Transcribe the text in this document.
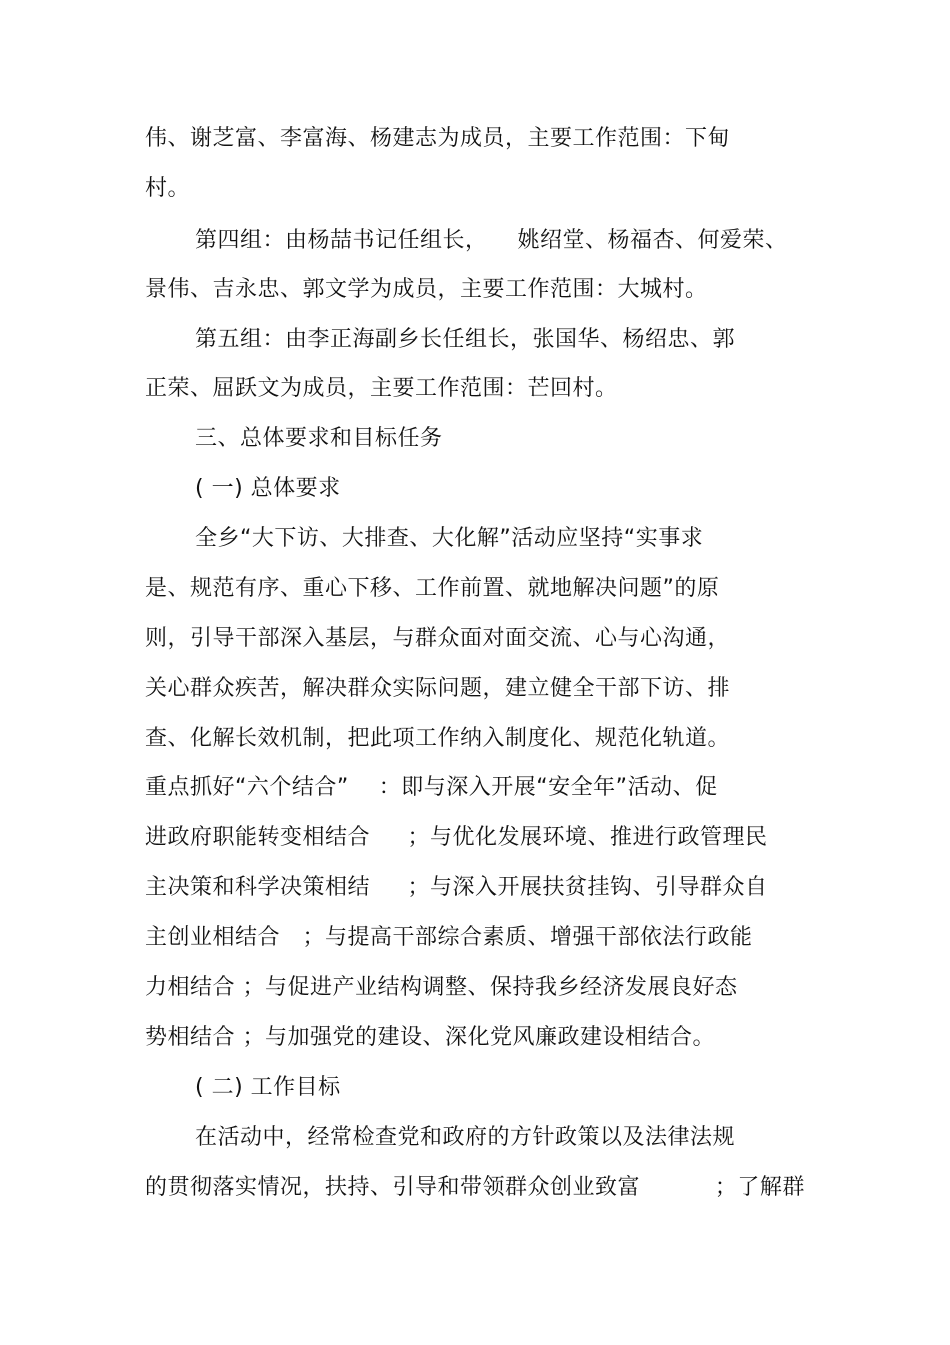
伟、谢芝富、李富海、杨建志为成员，主要工作范围：下甸
村。
第四组：由杨喆书记任组长，    姚绍堂、杨福杏、何爱荣、
景伟、吉永忠、郭文学为成员，主要工作范围：大城村。
第五组：由李正海副乡长任组长，张国华、杨绍忠、郭
正荣、屈跃文为成员，主要工作范围：芒回村。
三、总体要求和目标任务
( 一) 总体要求
全乡“大下访、大排查、大化解”活动应坚持“实事求
是、规范有序、重心下移、工作前置、就地解决问题”的原
则，引导干部深入基层，与群众面对面交流、心与心沟通，
关心群众疾苦，解决群众实际问题，建立健全干部下访、排
查、化解长效机制，把此项工作纳入制度化、规范化轨道。
重点抓好“六个结合”    ：即与深入开展“安全年”活动、促
进政府职能转变相结合     ；与优化发展环境、推进行政管理民
主决策和科学决策相结     ；与深入开展扶贫挂钩、引导群众自
主创业相结合   ；与提高干部综合素质、增强干部依法行政能
力相结合 ；与促进产业结构调整、保持我乡经济发展良好态
势相结合 ；与加强党的建设、深化党风廉政建设相结合。
( 二) 工作目标
在活动中，经常检查党和政府的方针政策以及法律法规
的贯彻落实情况，扶持、引导和带领群众创业致富          ；了解群
